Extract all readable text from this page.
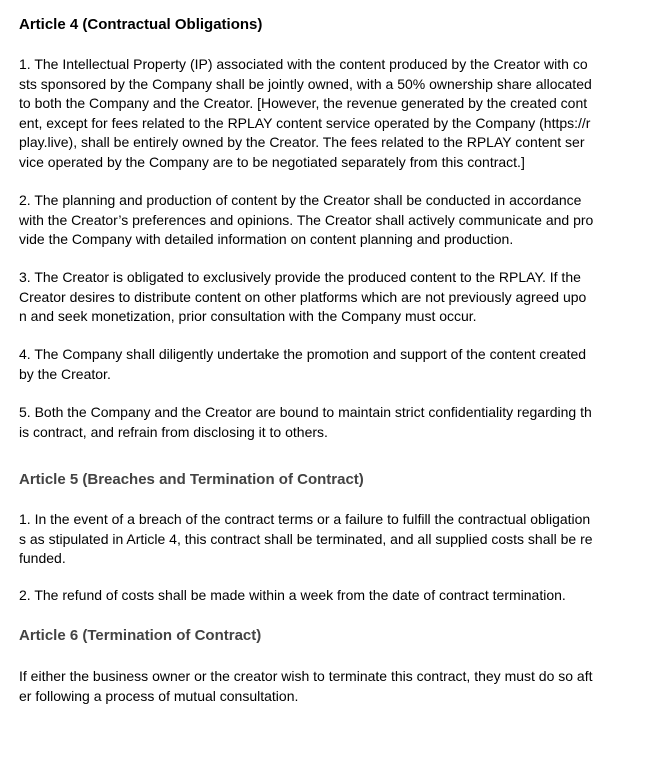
Article 4 (Contractual Obligations)

1. The Intellectual Property (IP) associated with the content produced by the Creator with co
sts sponsored by the Company shall be jointly owned, with a 50% ownership share allocated
to both the Company and the Creator. [However, the revenue generated by the created cont
ent, except for fees related to the RPLAY content service operated by the Company (https://r
play.live), shall be entirely owned by the Creator. The fees related to the RPLAY content ser
vice operated by the Company are to be negotiated separately from this contract.]

2. The planning and production of content by the Creator shall be conducted in accordance
with the Creator’s preferences and opinions. The Creator shall actively communicate and pro
vide the Company with detailed information on content planning and production.

3. The Creator is obligated to exclusively provide the produced content to the RPLAY. If the
Creator desires to distribute content on other platforms which are not previously agreed upo
n and seek monetization, prior consultation with the Company must occur.

4. The Company shall diligently undertake the promotion and support of the content created
by the Creator.

5. Both the Company and the Creator are bound to maintain strict confidentiality regarding th
is contract, and refrain from disclosing it to others.

Article 5 (Breaches and Termination of Contract)

1. In the event of a breach of the contract terms or a failure to fulfill the contractual obligation
s as stipulated in Article 4, this contract shall be terminated, and all supplied costs shall be re
funded.

2. The refund of costs shall be made within a week from the date of contract termination.

Article 6 (Termination of Contract)

If either the business owner or the creator wish to terminate this contract, they must do so aft
er following a process of mutual consultation.
